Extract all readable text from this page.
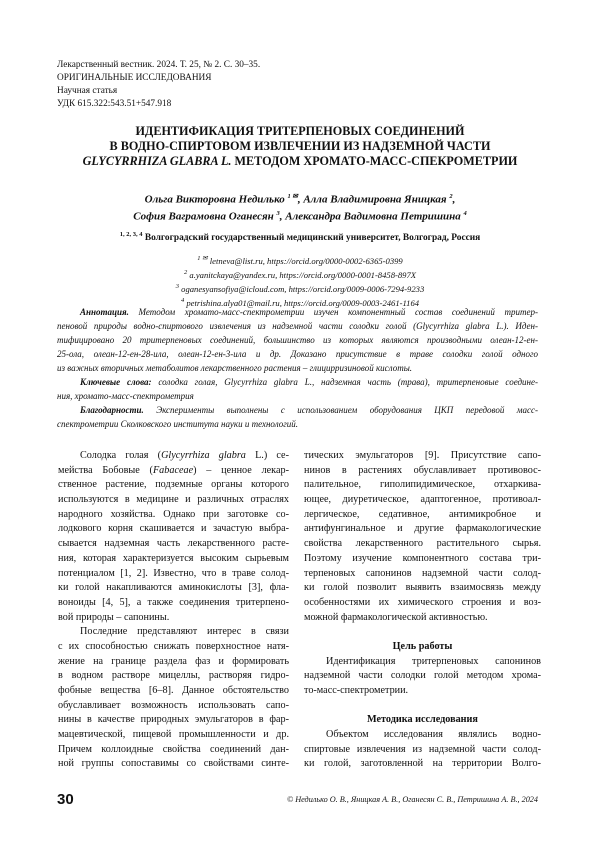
Лекарственный вестник. 2024. Т. 25, № 2. С. 30–35.
ОРИГИНАЛЬНЫЕ ИССЛЕДОВАНИЯ
Научная статья
УДК 615.322:543.51+547.918
ИДЕНТИФИКАЦИЯ ТРИТЕРПЕНОВЫХ СОЕДИНЕНИЙ
В ВОДНО-СПИРТОВОМ ИЗВЛЕЧЕНИИ ИЗ НАДЗЕМНОЙ ЧАСТИ
GLYCYRRHIZA GLABRA L. МЕТОДОМ ХРОМАТО-МАСС-СПЕКРОМЕТРИИ
Ольга Викторовна Недилько 1 ✉, Алла Владимировна Яницкая 2,
София Ваграмовна Оганесян 3, Александра Вадимовна Петришина 4
1, 2, 3, 4 Волгоградский государственный медицинский университет, Волгоград, Россия
1 ✉ letneva@list.ru, https://orcid.org/0000-0002-6365-0399
2 a.yanitckaya@yandex.ru, https://orcid.org/0000-0001-8458-897X
3 oganesyansofiya@icloud.com, https://orcid.org/0009-0006-7294-9233
4 petrishina.alya01@mail.ru, https://orcid.org/0009-0003-2461-1164
Аннотация. Методом хромато-масс-спектрометрии изучен компонентный состав соединений тритер-
пеновой природы водно-спиртового извлечения из надземной части солодки голой (Glycyrrhiza glabra L.). Иден-
тифицировано 20 тритерпеновых соединений, большинство из которых являются производными олеан-12-ен-
25-ола, олеан-12-ен-28-ила, олеан-12-ен-3-ила и др. Доказано присутствие в траве солодки голой одного
из важных вторичных метаболитов лекарственного растения – глицирризиновой кислоты.
Ключевые слова: солодка голая, Glycyrrhiza glabra L., надземная часть (трава), тритерпеновые соедине-
ния, хромато-масс-спектрометрия
Благодарности. Эксперименты выполнены с использованием оборудования ЦКП передовой масс-
спектрометрии Сколковского института науки и технологий.
Солодка голая (Glycyrrhiza glabra L.) се-
мейства Бобовые (Fabaceae) – ценное лекар-
ственное растение, подземные органы которого
используются в медицине и различных отраслях
народного хозяйства. Однако при заготовке со-
лодкового корня скашивается и зачастую выбра-
сывается надземная часть лекарственного расте-
ния, которая характеризуется высоким сырьевым
потенциалом [1, 2]. Известно, что в траве солод-
ки голой накапливаются аминокислоты [3], фла-
воноиды [4, 5], а также соединения тритерпено-
вой природы – сапонины.
Последние представляют интерес в связи
с их способностью снижать поверхностное натя-
жение на границе раздела фаз и формировать
в водном растворе мицеллы, растворяя гидро-
фобные вещества [6–8]. Данное обстоятельство
обуславливает возможность использовать сапо-
нины в качестве природных эмульгаторов в фар-
мацевтической, пищевой промышленности и др.
Причем коллоидные свойства соединений дан-
ной группы сопоставимы со свойствами синте-
тических эмульгаторов [9]. Присутствие сапо-
нинов в растениях обуславливает противовос-
палительное, гиполипидимическое, отхаркива-
ющее, диуретическое, адаптогенное, противоал-
лергическое, седативное, антимикробное и
антифунгинальное и другие фармакологические
свойства лекарственного растительного сырья.
Поэтому изучение компонентного состава три-
терпеновых сапонинов надземной части солод-
ки голой позволит выявить взаимосвязь между
особенностями их химического строения и воз-
можной фармакологической активностью.
Цель работы
Идентификация тритерпеновых сапонинов
надземной части солодки голой методом хрома-
то-масс-спектрометрии.
Методика исследования
Объектом исследования являлись водно-
спиртовые извлечения из надземной части солод-
ки голой, заготовленной на территории Волго-
30	© Недилько О. В., Яницкая А. В., Оганесян С. В., Петришина А. В., 2024
